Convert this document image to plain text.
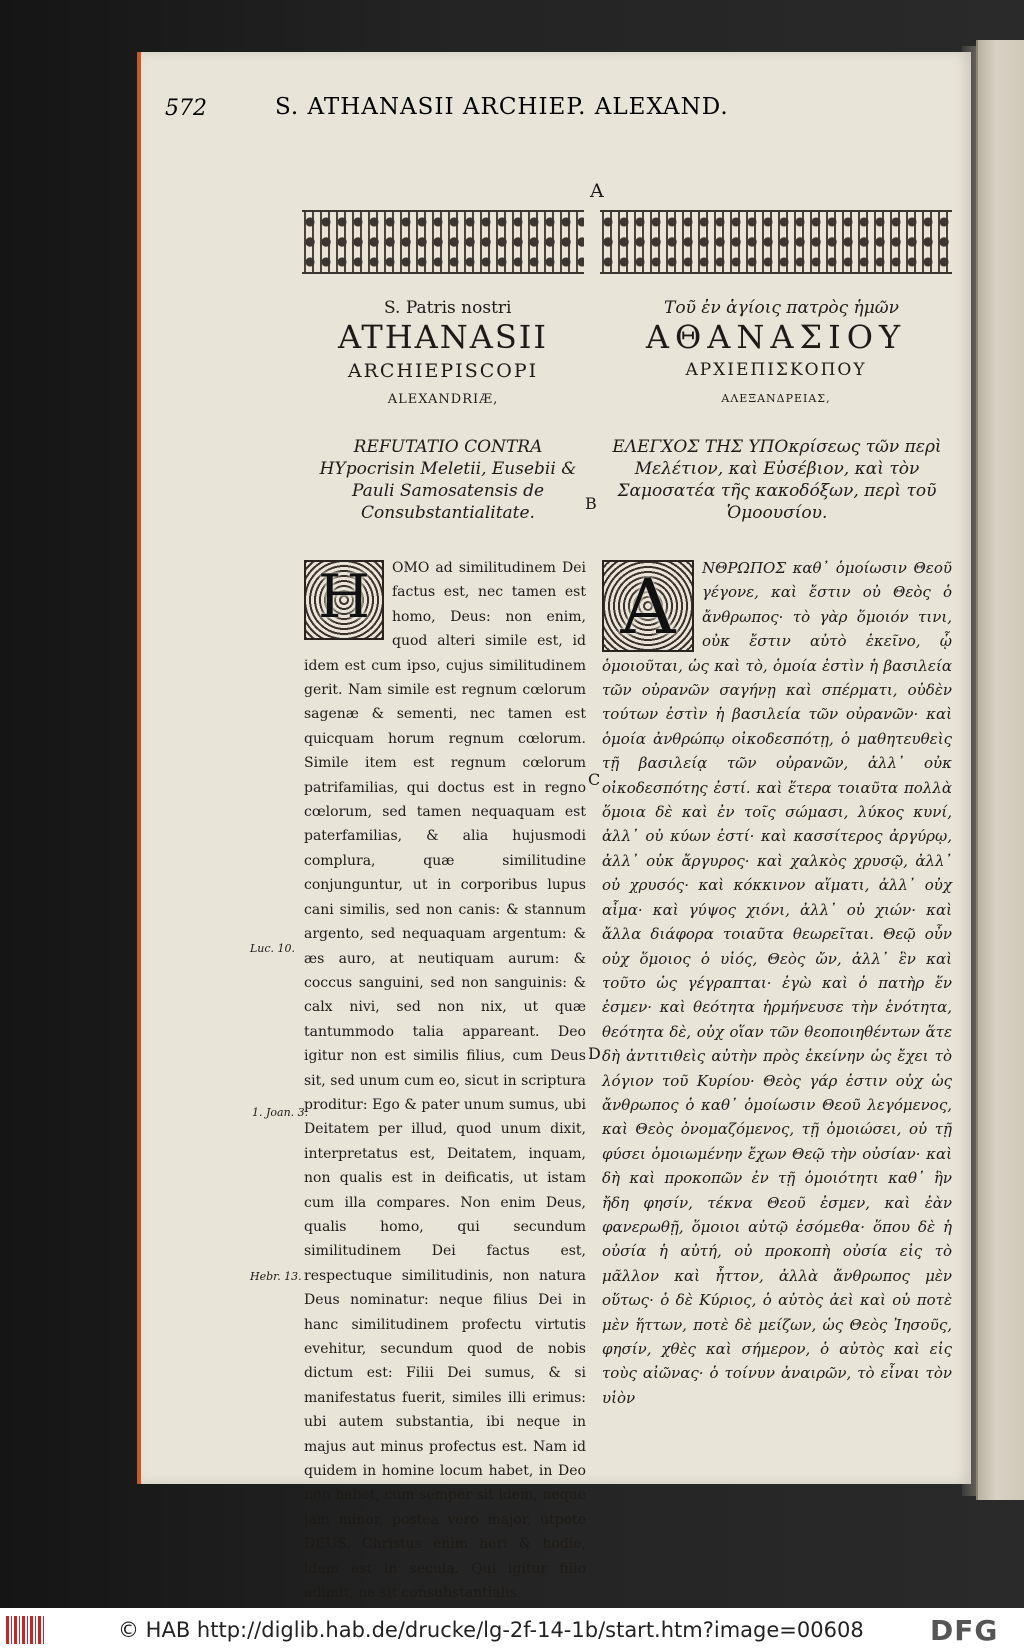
572	S. ATHANASII ARCHIEP. ALEXAND.
A
S. Patris nostri
ATHANASII
ARCHIEPISCOPI
ALEXANDRIÆ,
REFUTATIO CONTRA HYpocrisin Meletii, Eusebii & Pauli Samosatensis de Consubstantialitate.
Τοῦ ἐν ἁγίοις πατρὸς ἡμῶν
ΑΘΑΝΑΣΙΟΥ
ΑΡΧΙΕΠΙΣΚΟΠΟΥ
ΑΛΕΞΑΝΔΡΕΙΑΣ,
ΕΛΕΓΧΟΣ ΤΗΣ ΥΠΟκρίσεως τῶν περὶ Μελέτιον, καὶ Εὐσέβιον, καὶ τὸν Σαμοσατέα τῆς κακοδόξων, περὶ τοῦ Ὁμοουσίου.
B
H	OMO ad similitudinem Dei factus est, nec tamen est homo, Deus: non enim, quod alteri simile est, id idem est cum ipso, cujus similitudinem gerit. Nam simile est regnum cœlorum sagenæ & sementi, nec tamen est quicquam horum regnum cœlorum. Simile item est regnum cœlorum patrifamilias, qui doctus est in regno cœlorum, sed tamen nequaquam est paterfamilias, & alia hujusmodi complura, quæ similitudine conjunguntur, ut in corporibus lupus cani similis, sed non canis: & stannum argento, sed nequaquam argentum: & æs auro, at neutiquam aurum: & coccus sanguini, sed non sanguinis: & calx nivi, sed non nix, ut quæ tantummodo talia appareant. Deo igitur non est similis filius, cum Deus sit, sed unum cum eo, sicut in scriptura proditur: Ego & pater unum sumus, ubi Deitatem per illud, quod unum dixit, interpretatus est, Deitatem, inquam, non qualis est in deificatis, ut istam cum illa compares. Non enim Deus, qualis homo, qui secundum similitudinem Dei factus est, respectuque similitudinis, non natura Deus nominatur: neque filius Dei in hanc similitudinem profectu virtutis evehitur, secundum quod de nobis dictum est: Filii Dei sumus, & si manifestatus fuerit, similes illi erimus: ubi autem substantia, ibi neque in majus aut minus profectus est. Nam id quidem in homine locum habet, in Deo non habet, cum semper sit idem, neque jam minor, postea vero major, utpote DEUS. Christus enim heri & hodie, idem est in secula. Qui igitur filio adimit, ne sit consubstantialis

Α	ΝΘΡΩΠΟΣ καθ᾽ ὁμοίωσιν Θεοῦ γέγονε, καὶ ἔστιν οὐ Θεὸς ὁ ἄνθρωπος· τὸ γὰρ ὅμοιόν τινι, οὐκ ἔστιν αὐτὸ ἐκεῖνο, ᾧ ὁμοιοῦται, ὡς καὶ τὸ, ὁμοία ἐστὶν ἡ βασιλεία τῶν οὐρανῶν σαγήνῃ καὶ σπέρματι, οὐδὲν τούτων ἐστὶν ἡ βασιλεία τῶν οὐρανῶν· καὶ ὁμοία ἀνθρώπῳ οἰκοδεσπότῃ, ὁ μαθητευθεὶς τῇ βασιλείᾳ τῶν οὐρανῶν, ἀλλ᾽ οὐκ οἰκοδεσπότης ἐστί. καὶ ἕτερα τοιαῦτα πολλὰ ὅμοια δὲ καὶ ἐν τοῖς σώμασι, λύκος κυνί, ἀλλ᾽ οὐ κύων ἐστί· καὶ κασσίτερος ἀργύρῳ, ἀλλ᾽ οὐκ ἄργυρος· καὶ χαλκὸς χρυσῷ, ἀλλ᾽ οὐ χρυσός· καὶ κόκκινον αἵματι, ἀλλ᾽ οὐχ αἷμα· καὶ γύψος χιόνι, ἀλλ᾽ οὐ χιών· καὶ ἄλλα διάφορα τοιαῦτα θεωρεῖται. Θεῷ οὖν οὐχ ὅμοιος ὁ υἱός, Θεὸς ὤν, ἀλλ᾽ ἓν καὶ τοῦτο ὡς γέγραπται· ἐγὼ καὶ ὁ πατὴρ ἕν ἐσμεν· καὶ θεότητα ἡρμήνευσε τὴν ἑνότητα, θεότητα δὲ, οὐχ οἵαν τῶν θεοποιηθέντων ἅτε δὴ ἀντιτιθεὶς αὐτὴν πρὸς ἐκείνην ὡς ἔχει τὸ λόγιον τοῦ Κυρίου· Θεὸς γάρ ἐστιν οὐχ ὡς ἄνθρωπος ὁ καθ᾽ ὁμοίωσιν Θεοῦ λεγόμενος, καὶ Θεὸς ὀνομαζόμενος, τῇ ὁμοιώσει, οὐ τῇ φύσει ὁμοιωμένην ἔχων Θεῷ τὴν οὐσίαν· καὶ δὴ καὶ προκοπῶν ἐν τῇ ὁμοιότητι καθ᾽ ἣν ἤδη φησίν, τέκνα Θεοῦ ἐσμεν, καὶ ἐὰν φανερωθῇ, ὅμοιοι αὐτῷ ἐσόμεθα· ὅπου δὲ ἡ οὐσία ἡ αὐτή, οὐ προκοπὴ οὐσία εἰς τὸ μᾶλλον καὶ ἧττον, ἀλλὰ ἄνθρωπος μὲν οὕτως· ὁ δὲ Κύριος, ὁ αὐτὸς ἀεὶ καὶ οὐ ποτὲ μὲν ἥττων, ποτὲ δὲ μείζων, ὡς Θεὸς Ἰησοῦς, φησίν, χθὲς καὶ σήμερον, ὁ αὐτὸς καὶ εἰς τοὺς αἰῶνας· ὁ τοίνυν ἀναιρῶν, τὸ εἶναι τὸν υἱὸν

C
D
Luc. 10.
1. Joan. 3.
Hebr. 13.
© HAB http://diglib.hab.de/drucke/lg-2f-14-1b/start.htm?image=00608 DFG
